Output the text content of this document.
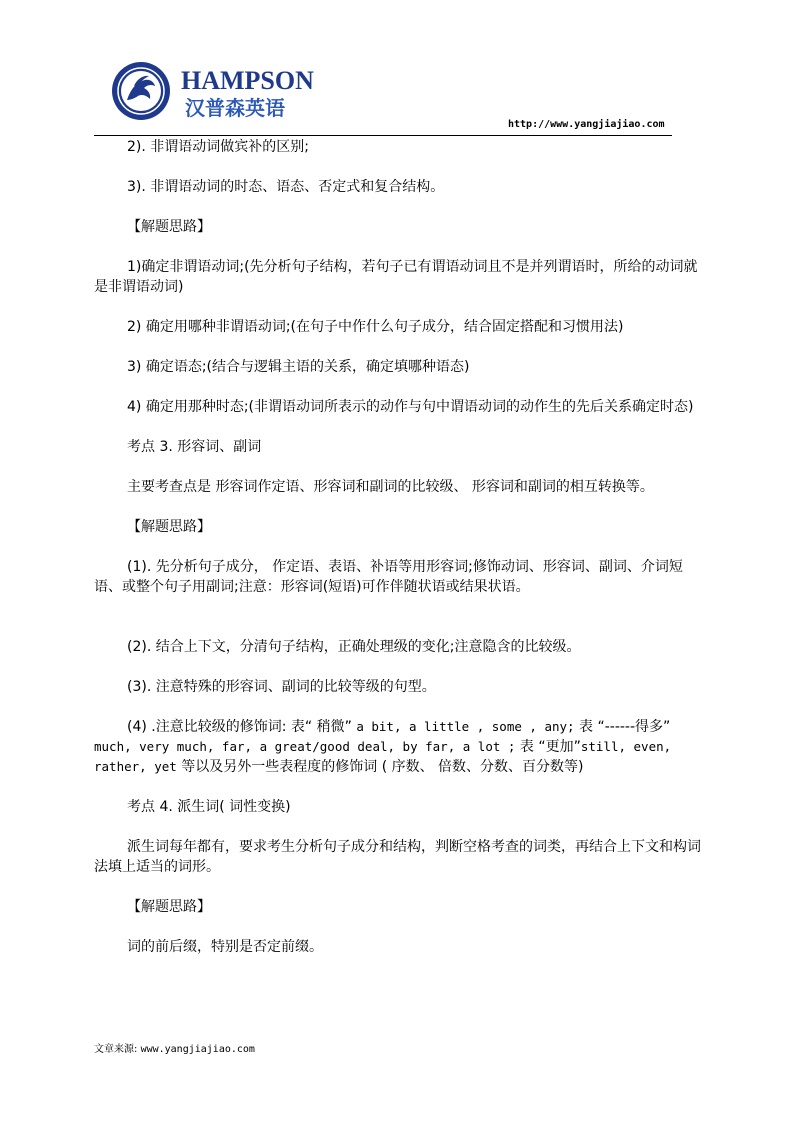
HAMPSON
汉普森英语
http://www.yangjiajiao.com

2). 非谓语动词做宾补的区别;

3). 非谓语动词的时态、语态、否定式和复合结构。

【解题思路】

1)确定非谓语动词;(先分析句子结构，若句子已有谓语动词且不是并列谓语时，所给的动词就是非谓语动词)

2) 确定用哪种非谓语动词;(在句子中作什么句子成分，结合固定搭配和习惯用法)

3) 确定语态;(结合与逻辑主语的关系，确定填哪种语态)

4) 确定用那种时态;(非谓语动词所表示的动作与句中谓语动词的动作生的先后关系确定时态)

考点 3. 形容词、副词

主要考查点是 形容词作定语、形容词和副词的比较级、 形容词和副词的相互转换等。

【解题思路】

(1). 先分析句子成分， 作定语、表语、补语等用形容词;修饰动词、形容词、副词、介词短语、或整个句子用副词;注意：形容词(短语)可作伴随状语或结果状语。

(2). 结合上下文，分清句子结构，正确处理级的变化;注意隐含的比较级。

(3). 注意特殊的形容词、副词的比较等级的句型。

(4) .注意比较级的修饰词: 表“ 稍微” a bit, a little , some , any; 表 “------得多” much, very much, far, a great/good deal, by far, a lot ; 表 “更加”still, even, rather, yet 等以及另外一些表程度的修饰词 ( 序数、 倍数、分数、百分数等)

考点 4. 派生词( 词性变换)

派生词每年都有，要求考生分析句子成分和结构，判断空格考查的词类，再结合上下文和构词法填上适当的词形。

【解题思路】

词的前后缀，特别是否定前缀。

文章来源: www.yangjiajiao.com
